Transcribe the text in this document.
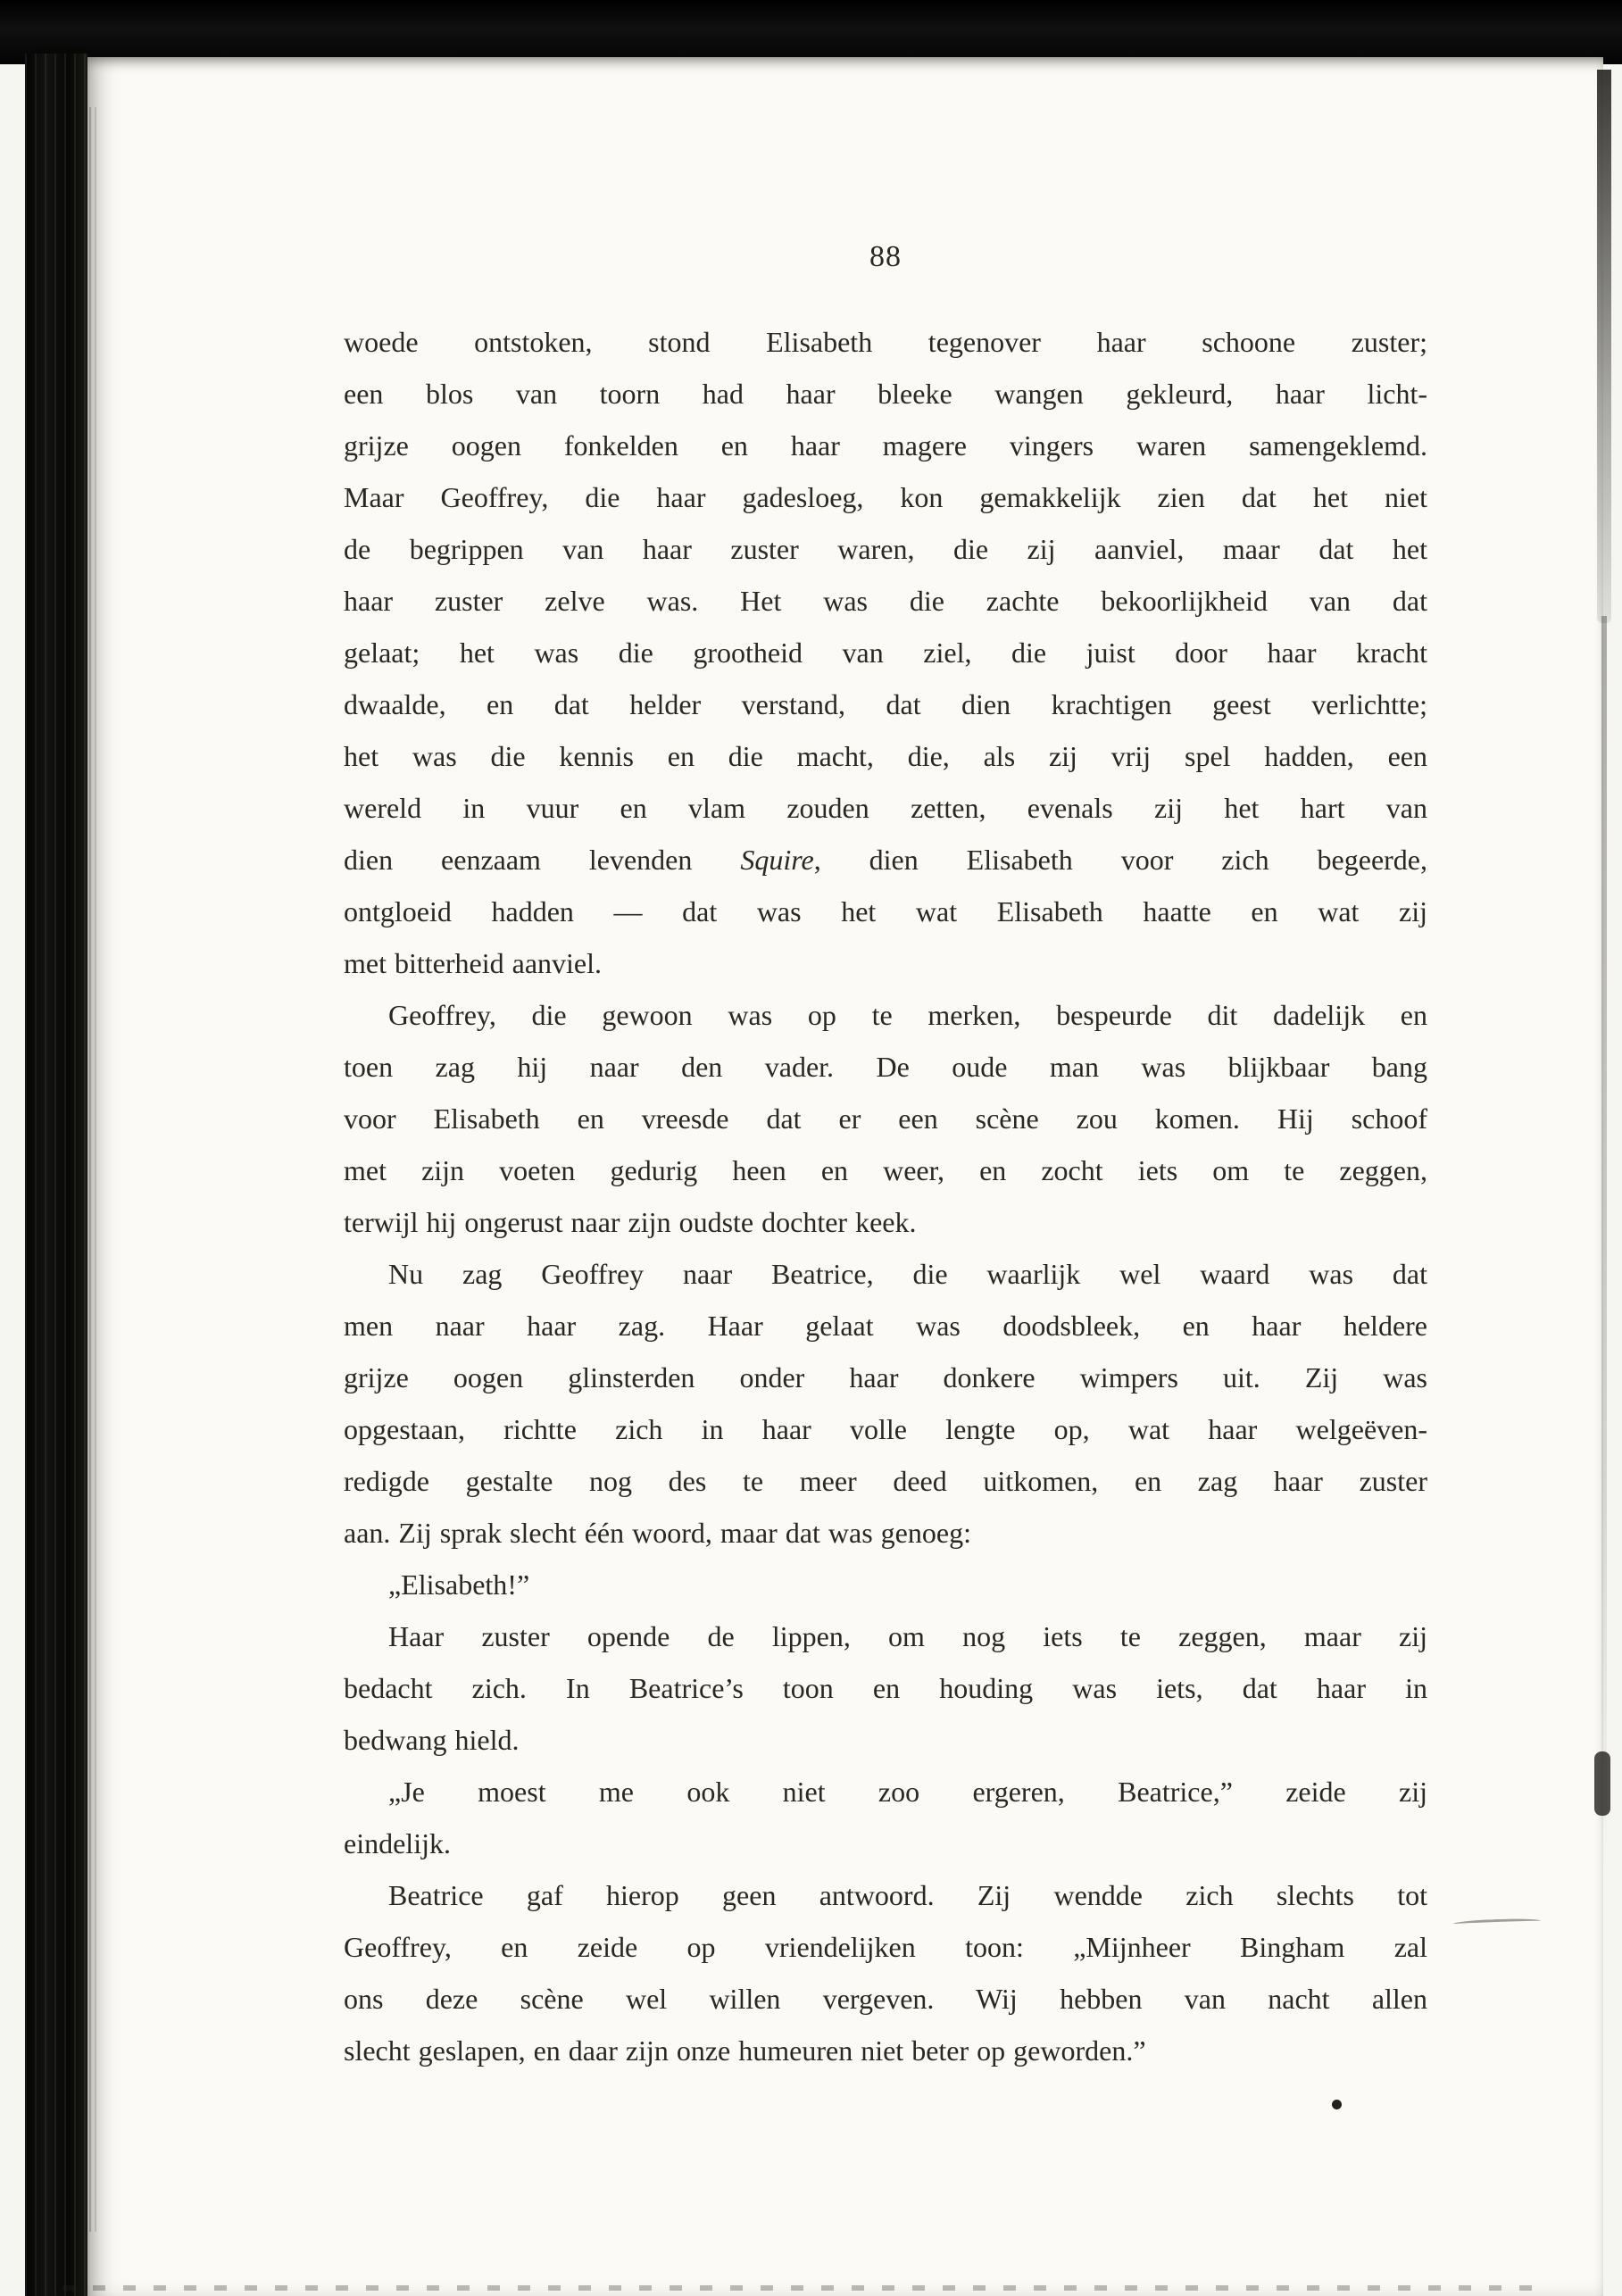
88
woede ontstoken, stond Elisabeth tegenover haar schoone zuster;
een blos van toorn had haar bleeke wangen gekleurd, haar licht-
grijze oogen fonkelden en haar magere vingers waren samengeklemd.
Maar Geoffrey, die haar gadesloeg, kon gemakkelijk zien dat het niet
de begrippen van haar zuster waren, die zij aanviel, maar dat het
haar zuster zelve was. Het was die zachte bekoorlijkheid van dat
gelaat; het was die grootheid van ziel, die juist door haar kracht
dwaalde, en dat helder verstand, dat dien krachtigen geest verlichtte;
het was die kennis en die macht, die, als zij vrij spel hadden, een
wereld in vuur en vlam zouden zetten, evenals zij het hart van
dien eenzaam levenden Squire, dien Elisabeth voor zich begeerde,
ontgloeid hadden — dat was het wat Elisabeth haatte en wat zij
met bitterheid aanviel.
Geoffrey, die gewoon was op te merken, bespeurde dit dadelijk en
toen zag hij naar den vader. De oude man was blijkbaar bang
voor Elisabeth en vreesde dat er een scène zou komen. Hij schoof
met zijn voeten gedurig heen en weer, en zocht iets om te zeggen,
terwijl hij ongerust naar zijn oudste dochter keek.
Nu zag Geoffrey naar Beatrice, die waarlijk wel waard was dat
men naar haar zag. Haar gelaat was doodsbleek, en haar heldere
grijze oogen glinsterden onder haar donkere wimpers uit. Zij was
opgestaan, richtte zich in haar volle lengte op, wat haar welgeëven-
redigde gestalte nog des te meer deed uitkomen, en zag haar zuster
aan. Zij sprak slecht één woord, maar dat was genoeg:
„Elisabeth!”
Haar zuster opende de lippen, om nog iets te zeggen, maar zij
bedacht zich. In Beatrice’s toon en houding was iets, dat haar in
bedwang hield.
„Je moest me ook niet zoo ergeren, Beatrice,” zeide zij
eindelijk.
Beatrice gaf hierop geen antwoord. Zij wendde zich slechts tot
Geoffrey, en zeide op vriendelijken toon: „Mijnheer Bingham zal
ons deze scène wel willen vergeven. Wij hebben van nacht allen
slecht geslapen, en daar zijn onze humeuren niet beter op geworden.”
